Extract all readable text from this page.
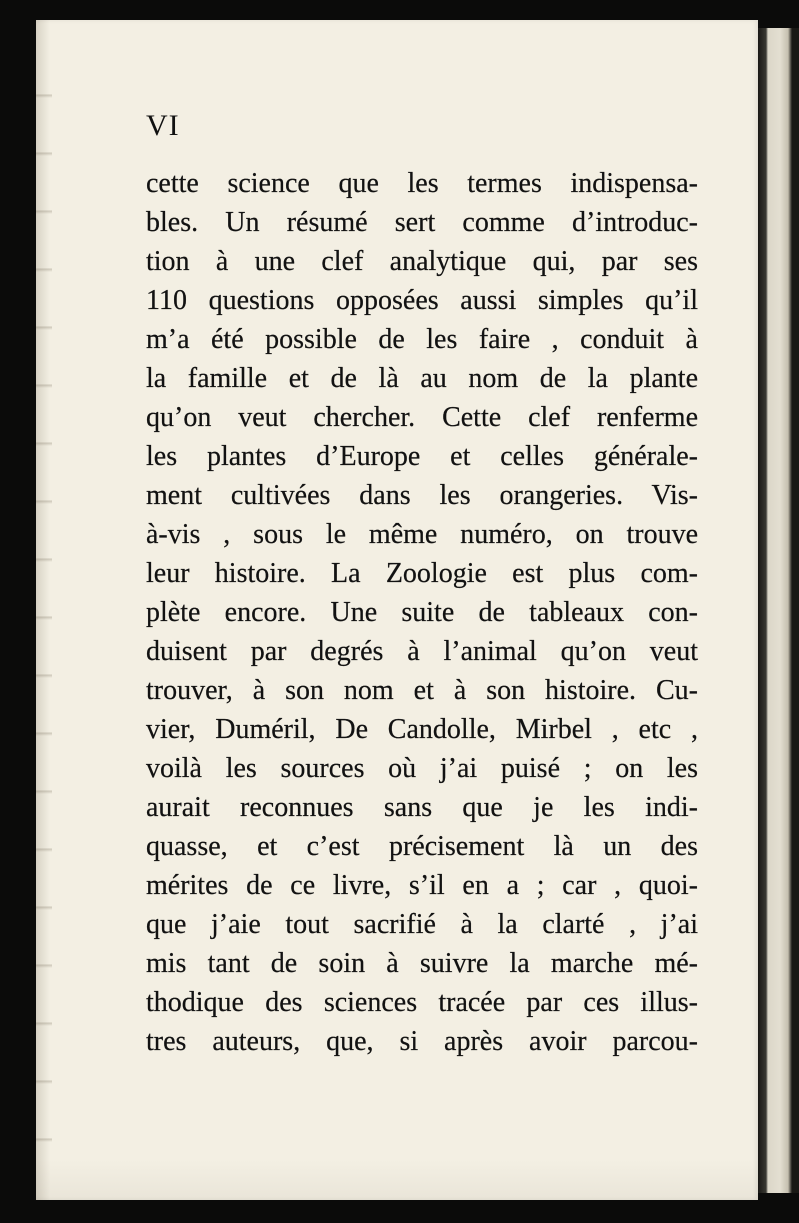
VI
cette science que les termes indispensa-
bles. Un résumé sert comme d’introduc-
tion à une clef analytique qui, par ses
110 questions opposées aussi simples qu’il
m’a été possible de les faire , conduit à
la famille et de là au nom de la plante
qu’on veut chercher. Cette clef renferme
les plantes d’Europe et celles générale-
ment cultivées dans les orangeries. Vis-
à-vis , sous le même numéro, on trouve
leur histoire. La Zoologie est plus com-
plète encore. Une suite de tableaux con-
duisent par degrés à l’animal qu’on veut
trouver, à son nom et à son histoire. Cu-
vier, Duméril, De Candolle, Mirbel , etc ,
voilà les sources où j’ai puisé ; on les
aurait reconnues sans que je les indi-
quasse, et c’est précisement là un des
mérites de ce livre, s’il en a ; car , quoi-
que j’aie tout sacrifié à la clarté , j’ai
mis tant de soin à suivre la marche mé-
thodique des sciences tracée par ces illus-
tres auteurs, que, si après avoir parcou-
